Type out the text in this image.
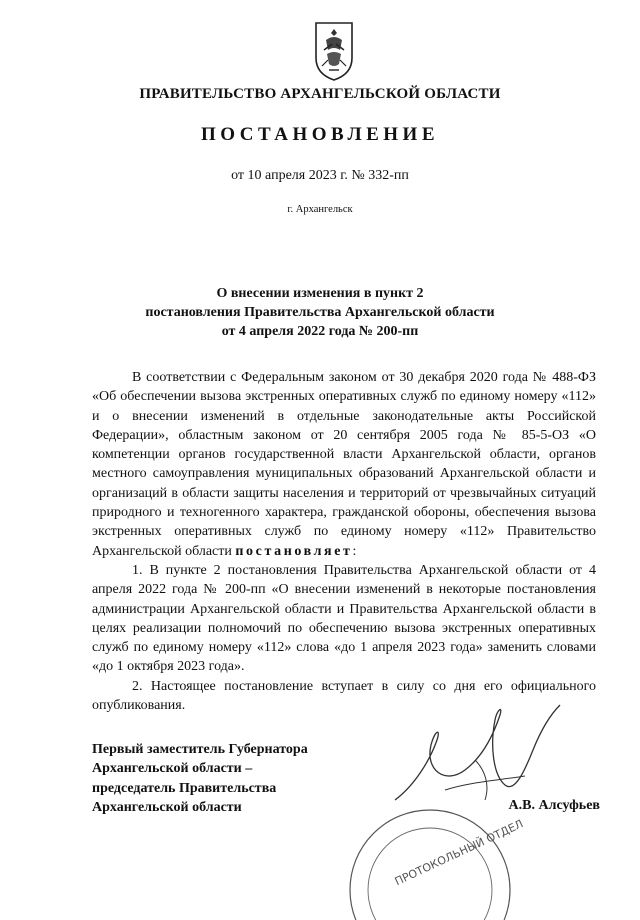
ПРАВИТЕЛЬСТВО АРХАНГЕЛЬСКОЙ ОБЛАСТИ
ПОСТАНОВЛЕНИЕ
от 10 апреля 2023 г. № 332-пп
г. Архангельск
О внесении изменения в пункт 2
постановления Правительства Архангельской области
от 4 апреля 2022 года № 200-пп

В соответствии с Федеральным законом от 30 декабря 2020 года № 488-ФЗ «Об обеспечении вызова экстренных оперативных служб по единому номеру «112» и о внесении изменений в отдельные законодательные акты Российской Федерации», областным законом от 20 сентября 2005 года № 85-5-ОЗ «О компетенции органов государственной власти Архангельской области, органов местного самоуправления муниципальных образований Архангельской области и организаций в области защиты населения и территорий от чрезвычайных ситуаций природного и техногенного характера, гражданской обороны, обеспечения вызова экстренных оперативных служб по единому номеру «112» Правительство Архангельской области постановляет:

1. В пункте 2 постановления Правительства Архангельской области от 4 апреля 2022 года № 200-пп «О внесении изменений в некоторые постановления администрации Архангельской области и Правительства Архангельской области в целях реализации полномочий по обеспечению вызова экстренных оперативных служб по единому номеру «112» слова «до 1 апреля 2023 года» заменить словами «до 1 октября 2023 года».

2. Настоящее постановление вступает в силу со дня его официального опубликования.

Первый заместитель Губернатора
Архангельской области –
председатель Правительства
Архангельской области	А.В. Алсуфьев
ПРОТОКОЛЬНЫЙ ОТДЕЛ
